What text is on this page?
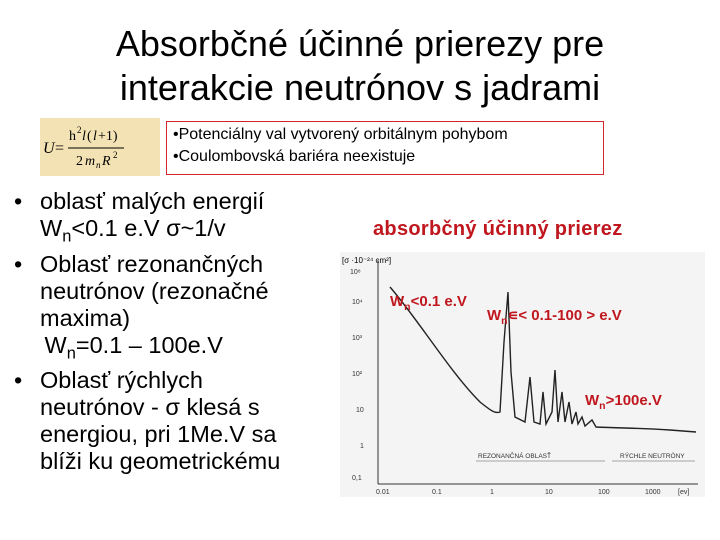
Absorbčné účinné prierezy pre
interakcie neutrónov s jadrami
U =
h 2 l ( l +1)
2 m n R 2
•Potenciálny val vytvorený orbitálnym pohybom
•Coulombovská bariéra neexistuje
• oblasť malých energií
$W_n<0.1$ e.V σ~1/v
• Oblasť rezonančných
neutrónov (rezonačné
maxima)
$W_n=0.1 - 100e.V$
• Oblasť rýchlych
neutrónov - σ klesá s
energiou, pri 1Me.V sa
blíži ku geometrickému
absorbčný účinný prierez
[σ ·10⁻²⁴ cm²]
10⁸
10⁴
10³
10²
10
1
0,1
0.01	0.1	1	10	100	1000 [ev]
REZONANČNÁ OBLASŤ	RÝCHLE NEUTRÓNY
$W_n<0.1$ e.V
$W_n∊< 0.1-100 > e.V$
$W_n>100e.V$
